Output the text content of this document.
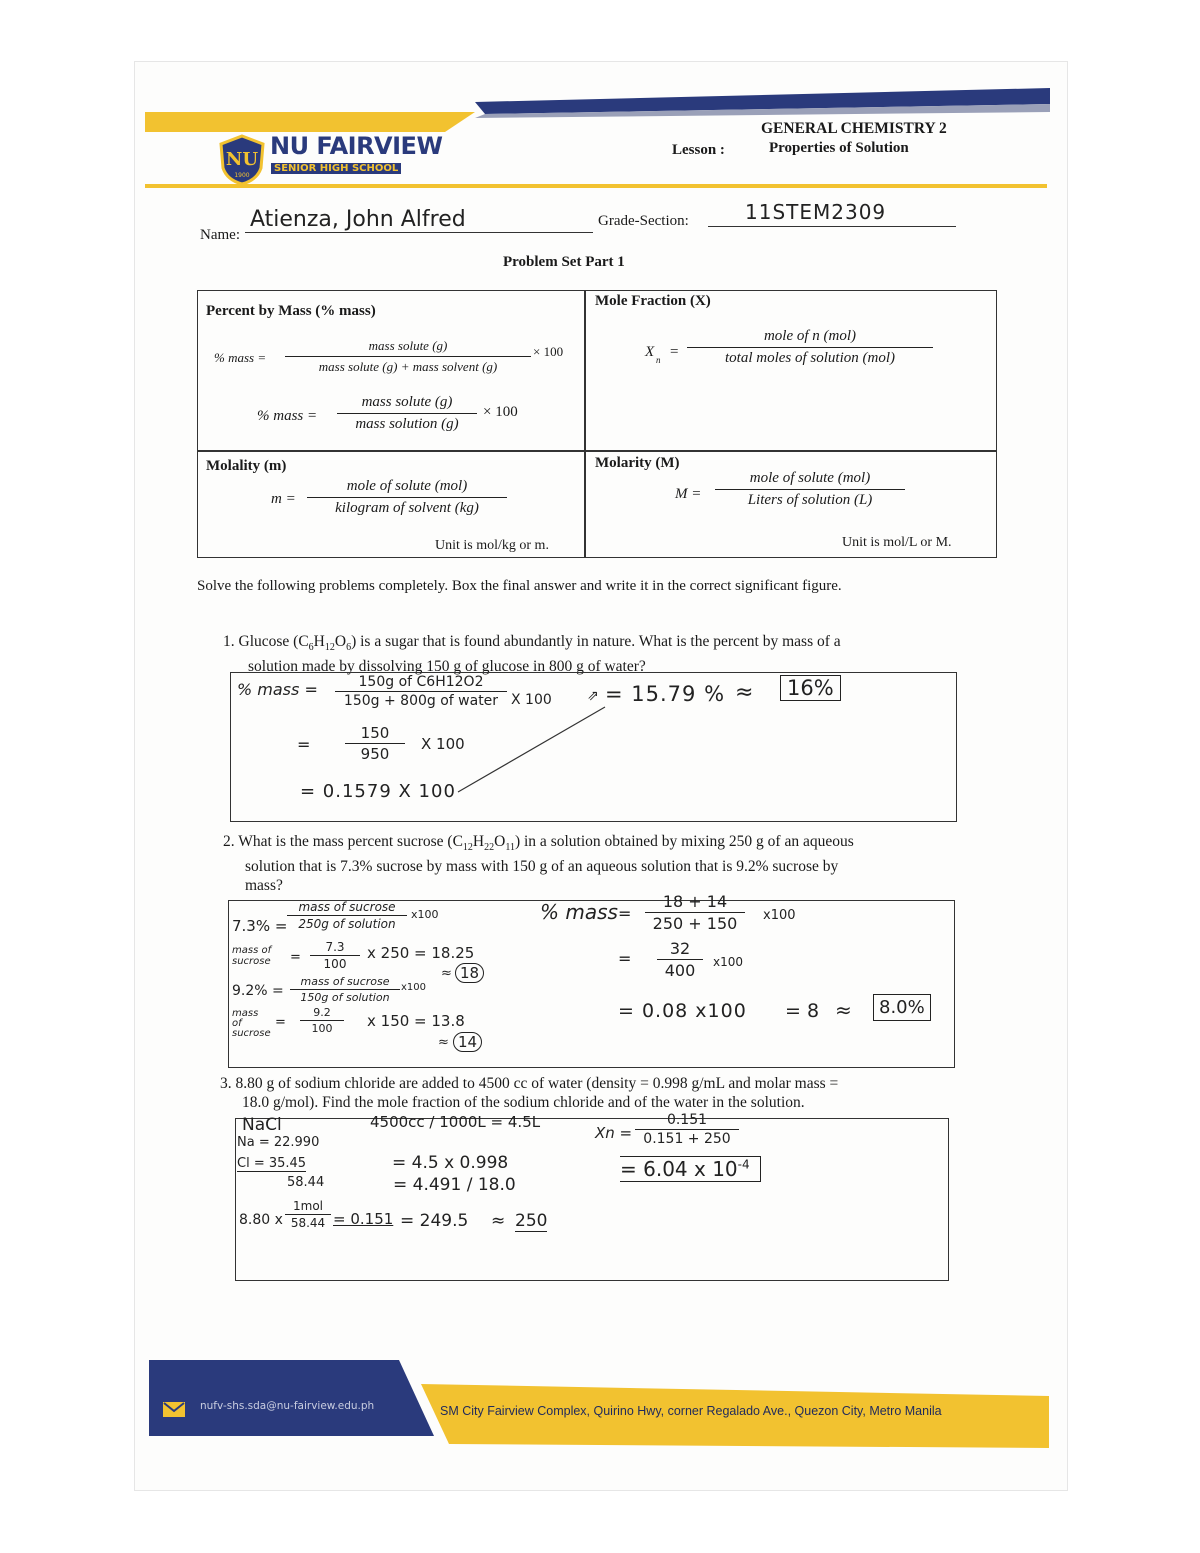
NU
1900
NU FAIRVIEW
SENIOR HIGH SCHOOL
Lesson :
GENERAL CHEMISTRY 2
Properties of Solution
Name:
Atienza, John Alfred	Grade-Section:	11STEM2309
Problem Set Part 1
Percent by Mass (% mass)
% mass =
mass solute (g)
mass solute (g) + mass solvent (g)
× 100
% mass =
mass solute (g)
mass solution (g)
× 100
Mole Fraction (X)
X n =
mole of n (mol)
total moles of solution (mol)
Molality (m)
m =
mole of solute (mol)
kilogram of solvent (kg)
Unit is mol/kg or m.
Molarity (M)
M =
mole of solute (mol)
Liters of solution (L)
Unit is mol/L or M.
Solve the following problems completely. Box the final answer and write it in the correct significant figure.
1. Glucose $(C_6H_{12}O_6)$ is a sugar that is found abundantly in nature. What is the percent by mass of a
solution made by dissolving 150 g of glucose in 800 g of water?
% mass =	150g of C6H12O2
150g + 800g of water X 100
= $\frac{150}{950}$ X 100
= 0.1579 X 100
⇗ = 15.79 % ≈	16%
2. What is the mass percent sucrose $(C_{12}H_{22}O_{11})$ in a solution obtained by mixing 250 g of an aqueous
solution that is 7.3% sucrose by mass with 150 g of an aqueous solution that is 9.2% sucrose by
mass?
7.3% =
mass of sucrose
250g of solution
x100
mass of
sucrose = $\frac{7.3}{100}$ x 250 = 18.25
≈ 18
9.2% =
mass of sucrose
150g of solution
x100
mass
of
sucrose
= $\frac{9.2}{100}$ x 150 = 13.8
≈ 14
% mass = $\frac{18 + 14}{250 + 150} x100$
= $\frac{32}{400} x100$
= 0.08 x100 = 8 ≈	8.0%
3. 8.80 g of sodium chloride are added to 4500 cc of water (density = 0.998 g/mL and molar mass =
18.0 g/mol). Find the mole fraction of the sodium chloride and of the water in the solution.
NaCl
Na = 22.990
Cl = 35.45
58.44
8.80 x
1mol
58.44 = 0.151
4500cc / 1000L = 4.5L
= 4.5 x 0.998
= 4.491 / 18.0
= 249.5 ≈ 250
$Xn = \frac{0.151}{0.151 + 250}$
= 6.04 x $10^{-4}$
nufv-shs.sda@nu-fairview.edu.ph	SM City Fairview Complex, Quirino Hwy, corner Regalado Ave., Quezon City, Metro Manila
